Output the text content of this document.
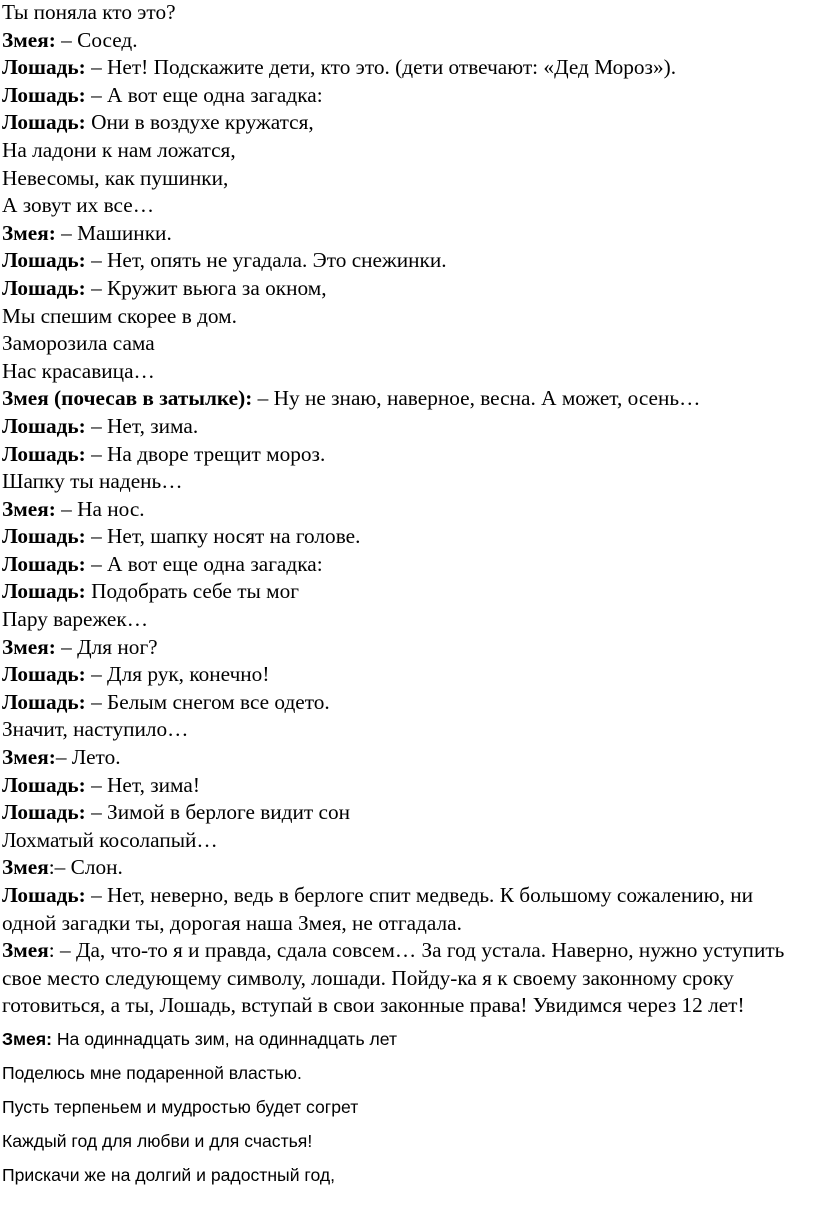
Ты поняла кто это?
Змея: – Сосед.
Лошадь: – Нет! Подскажите дети, кто это. (дети отвечают: «Дед Мороз»).
Лошадь: – А вот еще одна загадка:
Лошадь: Они в воздухе кружатся,
На ладони к нам ложатся,
Невесомы, как пушинки,
А зовут их все…
Змея: – Машинки.
Лошадь: – Нет, опять не угадала. Это снежинки.
Лошадь: – Кружит вьюга за окном,
Мы спешим скорее в дом.
Заморозила сама
Нас красавица…
Змея (почесав в затылке): – Ну не знаю, наверное, весна. А может, осень…
Лошадь: – Нет, зима.
Лошадь: – На дворе трещит мороз.
Шапку ты надень…
Змея: – На нос.
Лошадь: – Нет, шапку носят на голове.
Лошадь: – А вот еще одна загадка:
Лошадь: Подобрать себе ты мог
Пару варежек…
Змея: – Для ног?
Лошадь: – Для рук, конечно!
Лошадь: – Белым снегом все одето.
Значит, наступило…
Змея:– Лето.
Лошадь: – Нет, зима!
Лошадь: – Зимой в берлоге видит сон
Лохматый косолапый…
Змея:– Слон.
Лошадь: – Нет, неверно, ведь в берлоге спит медведь. К большому сожалению, ни одной загадки ты, дорогая наша Змея, не отгадала.
Змея: – Да, что-то я и правда, сдала совсем… За год устала. Наверно, нужно уступить свое место следующему символу, лошади. Пойду-ка я к своему законному сроку готовиться, а ты, Лошадь, вступай в свои законные права! Увидимся через 12 лет!
Змея: На одиннадцать зим, на одиннадцать лет
Поделюсь мне подаренной властью.
Пусть терпеньем и мудростью будет согрет
Каждый год для любви и для счастья!
Прискачи же на долгий и радостный год,
